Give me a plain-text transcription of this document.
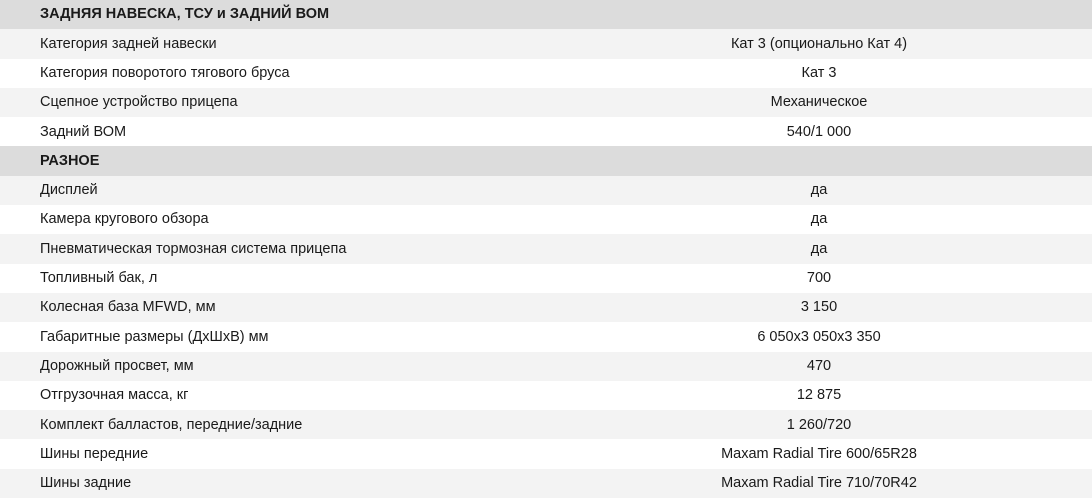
ЗАДНЯЯ НАВЕСКА, ТСУ и ЗАДНИЙ ВОМ	
Категория задней навески	Кат 3 (опционально Кат 4)
Категория поворотого тягового бруса	Кат 3
Сцепное устройство прицепа	Механическое
Задний ВОМ	540/1 000
РАЗНОЕ	
Дисплей	да
Камера кругового обзора	да
Пневматическая тормозная система прицепа	да
Топливный бак, л	700
Колесная база MFWD, мм	3 150
Габаритные размеры (ДхШхВ) мм	6 050x3 050x3 350
Дорожный просвет, мм	470
Отгрузочная масса, кг	12 875
Комплект балластов, передние/задние	1 260/720
Шины передние	Maxam Radial Tire 600/65R28
Шины задние	Maxam Radial Tire 710/70R42
